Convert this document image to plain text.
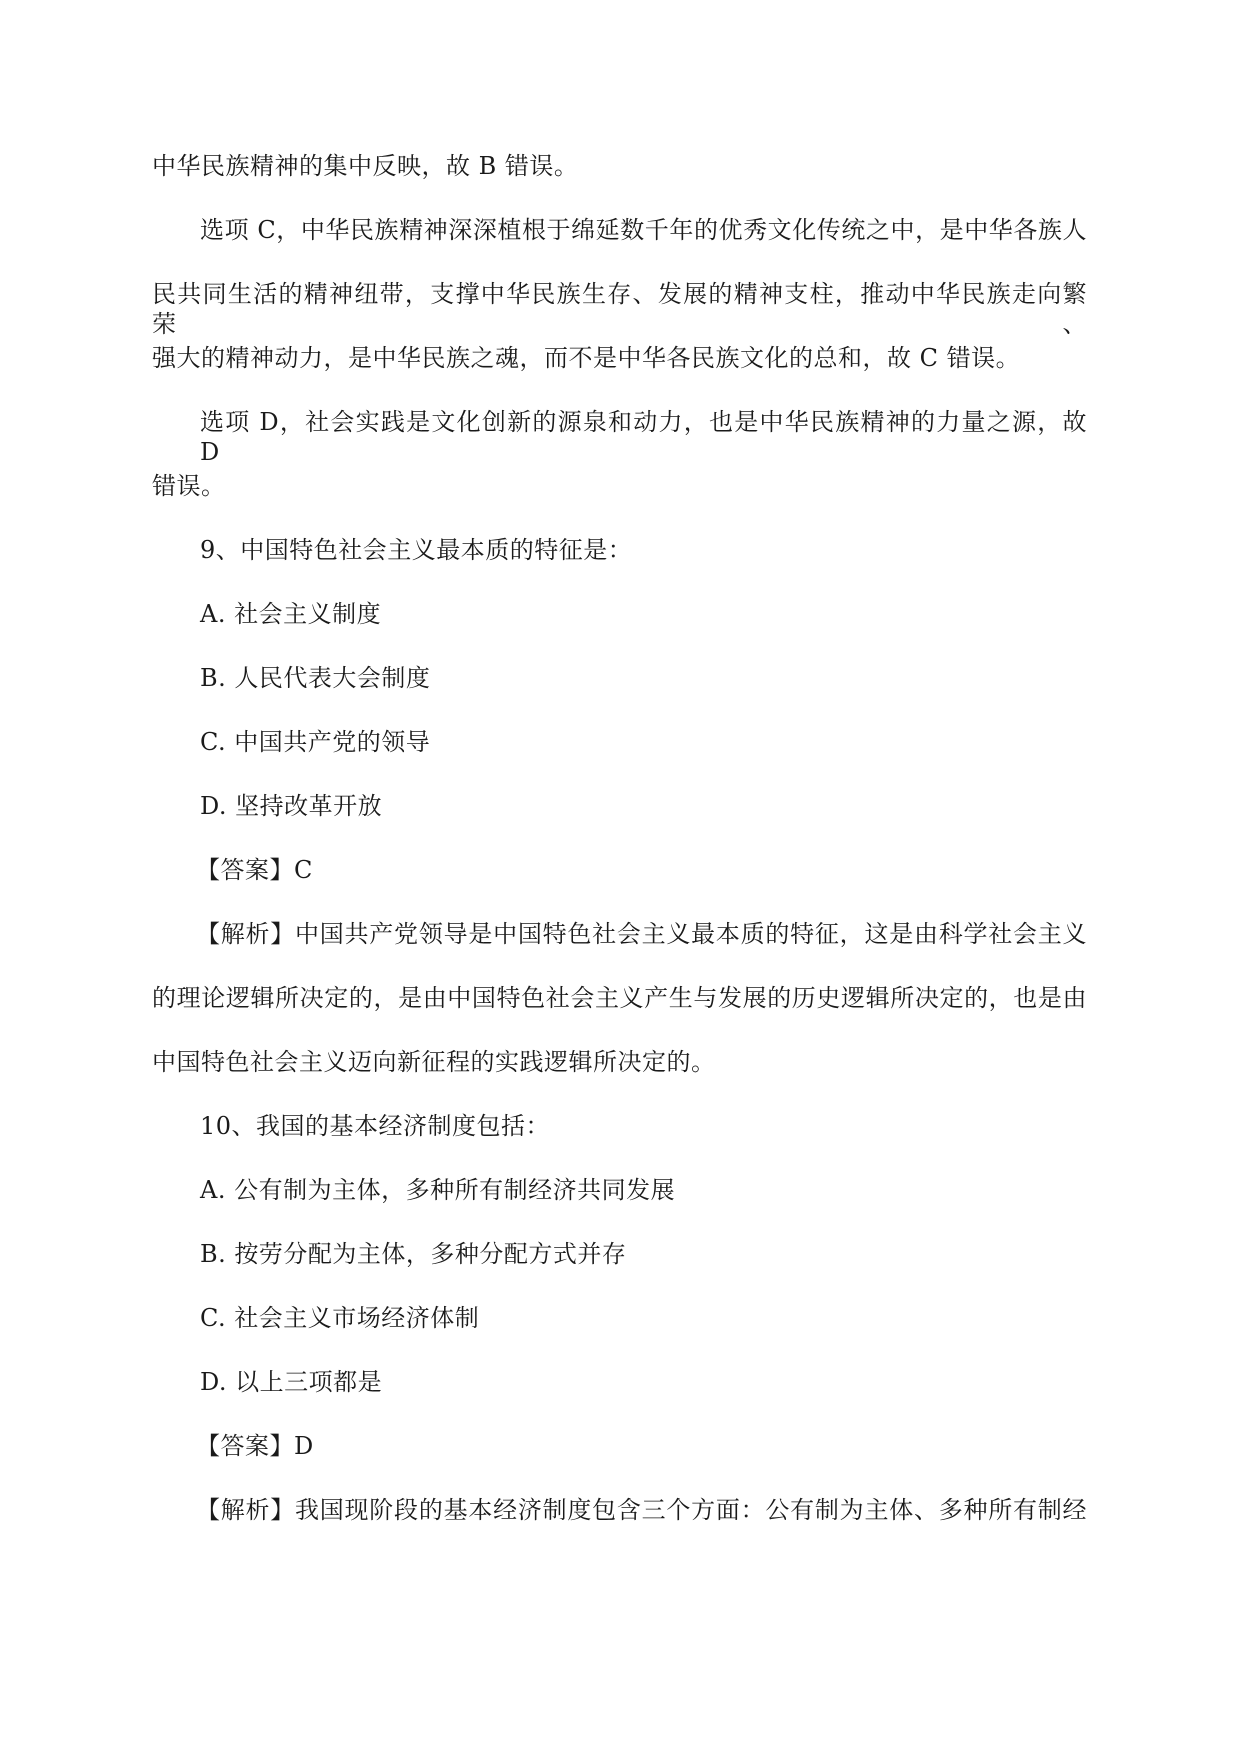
中华民族精神的集中反映，故 B 错误。

选项 C，中华民族精神深深植根于绵延数千年的优秀文化传统之中，是中华各族人

民共同生活的精神纽带，支撑中华民族生存、发展的精神支柱，推动中华民族走向繁荣、

强大的精神动力，是中华民族之魂，而不是中华各民族文化的总和，故 C 错误。

选项 D，社会实践是文化创新的源泉和动力，也是中华民族精神的力量之源，故 D

错误。

9、中国特色社会主义最本质的特征是：

A. 社会主义制度

B. 人民代表大会制度

C. 中国共产党的领导

D. 坚持改革开放

【答案】C

【解析】中国共产党领导是中国特色社会主义最本质的特征，这是由科学社会主义

的理论逻辑所决定的，是由中国特色社会主义产生与发展的历史逻辑所决定的，也是由

中国特色社会主义迈向新征程的实践逻辑所决定的。

10、我国的基本经济制度包括：

A. 公有制为主体，多种所有制经济共同发展

B. 按劳分配为主体，多种分配方式并存

C. 社会主义市场经济体制

D. 以上三项都是

【答案】D

【解析】我国现阶段的基本经济制度包含三个方面：公有制为主体、多种所有制经
